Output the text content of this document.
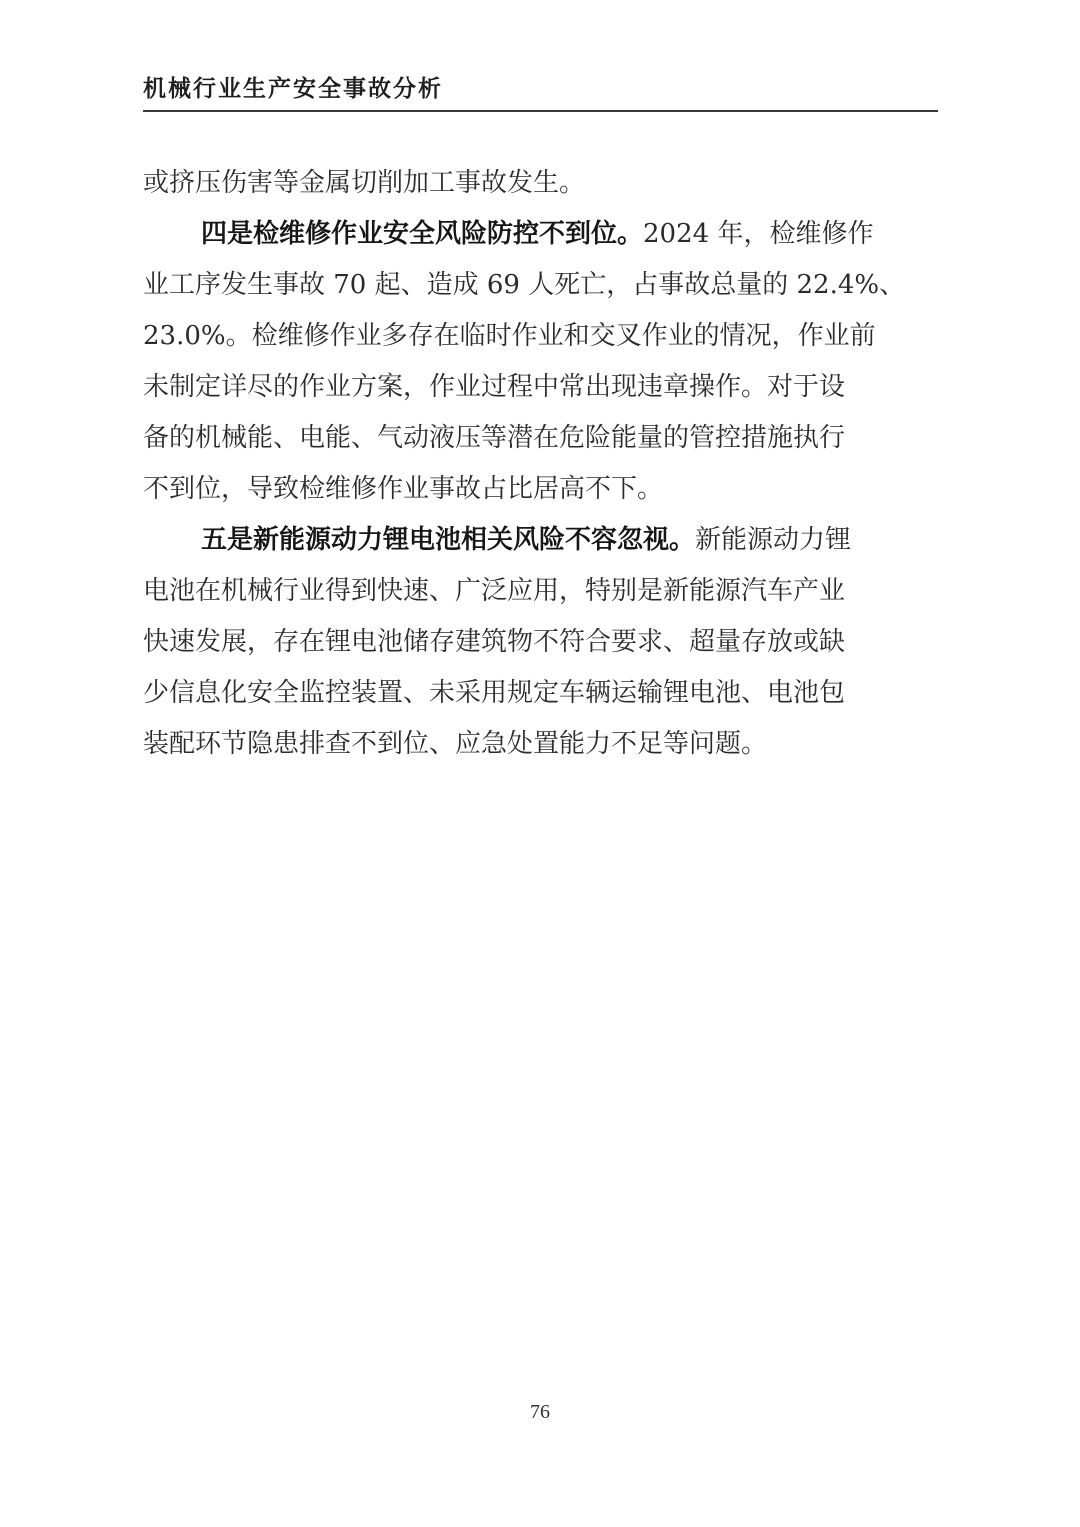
机械行业生产安全事故分析
或挤压伤害等金属切削加工事故发生。
四是检维修作业安全风险防控不到位。2024 年，检维修作
业工序发生事故 70 起、造成 69 人死亡，占事故总量的 22.4%、
23.0%。检维修作业多存在临时作业和交叉作业的情况，作业前
未制定详尽的作业方案，作业过程中常出现违章操作。对于设
备的机械能、电能、气动液压等潜在危险能量的管控措施执行
不到位，导致检维修作业事故占比居高不下。
五是新能源动力锂电池相关风险不容忽视。新能源动力锂
电池在机械行业得到快速、广泛应用，特别是新能源汽车产业
快速发展，存在锂电池储存建筑物不符合要求、超量存放或缺
少信息化安全监控装置、未采用规定车辆运输锂电池、电池包
装配环节隐患排查不到位、应急处置能力不足等问题。
76
